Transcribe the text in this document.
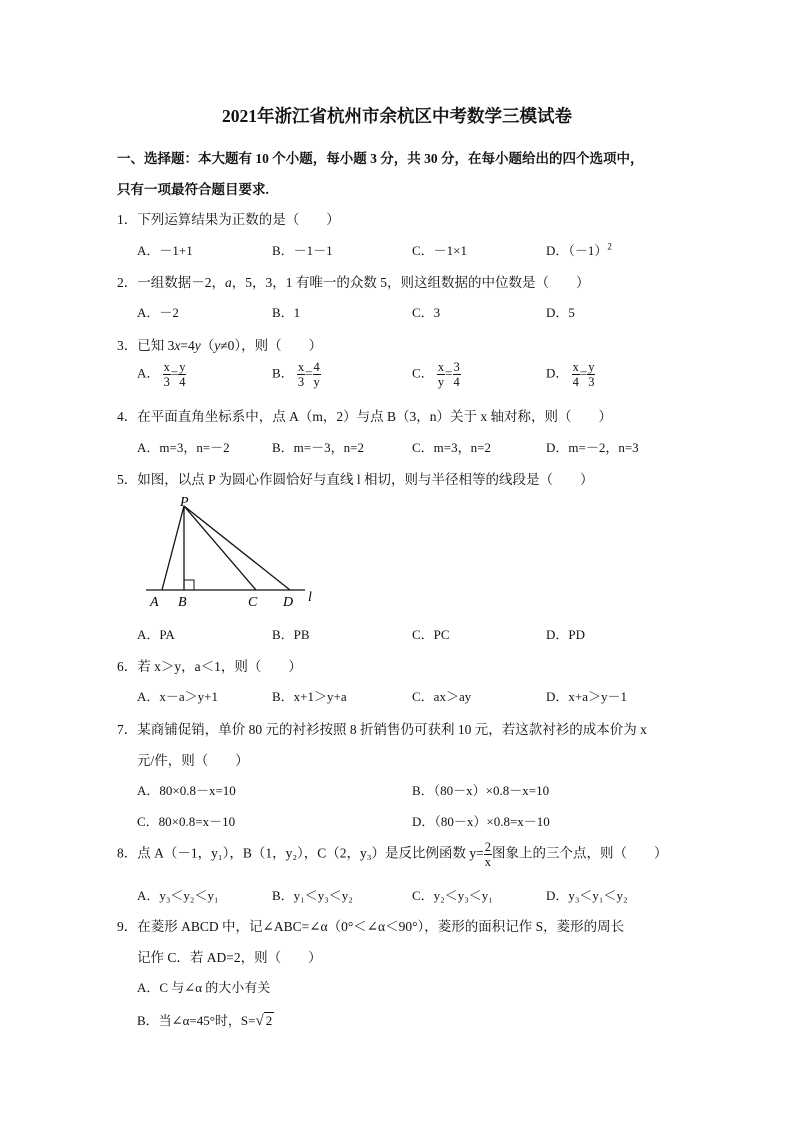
2021年浙江省杭州市余杭区中考数学三模试卷
一、选择题：本大题有 10 个小题，每小题 3 分，共 30 分，在每小题给出的四个选项中，
只有一项最符合题目要求.
1．下列运算结果为正数的是（　　）
A．－1+1	B．－1－1	C．－1×1	D．$(-1)^2$
2．一组数据－2，a，5，3，1 有唯一的众数 5，则这组数据的中位数是（　　）
A．－2	B．1	C．3	D．5
3．已知 3x=4y（y≠0），则（　　）
A． $\frac{x}{3} = \frac{y}{4}$	B． $\frac{x}{3} = \frac{4}{y}$	C． $\frac{x}{y} = \frac{3}{4}$	D． $\frac{x}{4} = \frac{y}{3}$
4．在平面直角坐标系中，点 A（m，2）与点 B（3，n）关于 x 轴对称，则（　　）
A．m=3，n=－2	B．m=－3，n=2	C．m=3，n=2	D．m=－2，n=3
5．如图，以点 P 为圆心作圆恰好与直线 l 相切，则与半径相等的线段是（　　）
P
A B	C D l
A．PA	B．PB	C．PC	D．PD
6．若 x＞y，a＜1，则（　　）
A．x－a＞y+1	B．x+1＞y+a	C．ax＞ay	D．x+a＞y－1
7．某商铺促销，单价 80 元的衬衫按照 8 折销售仍可获利 10 元，若这款衬衫的成本价为 x
元/件，则（　　）
A．80×0.8－x=10	B．（80－x）×0.8－x=10
C．80×0.8=x－10	D．（80－x）×0.8=x－10
8．点 A（－1，y₁），B（1，y₂），C（2，y₃）是反比例函数 $y= \frac{2}{x}$ 图象上的三个点，则（　　）
A．y₃＜y₂＜y₁	B．y₁＜y₃＜y₂	C．y₂＜y₃＜y₁	D．y₃＜y₁＜y₂
9．在菱形 ABCD 中，记∠ABC=∠α（0°＜∠α＜90°），菱形的面积记作 S，菱形的周长
记作 C．若 AD=2，则（　　）
A．C 与∠α 的大小有关
B．当∠α=45°时，S=√ 2
